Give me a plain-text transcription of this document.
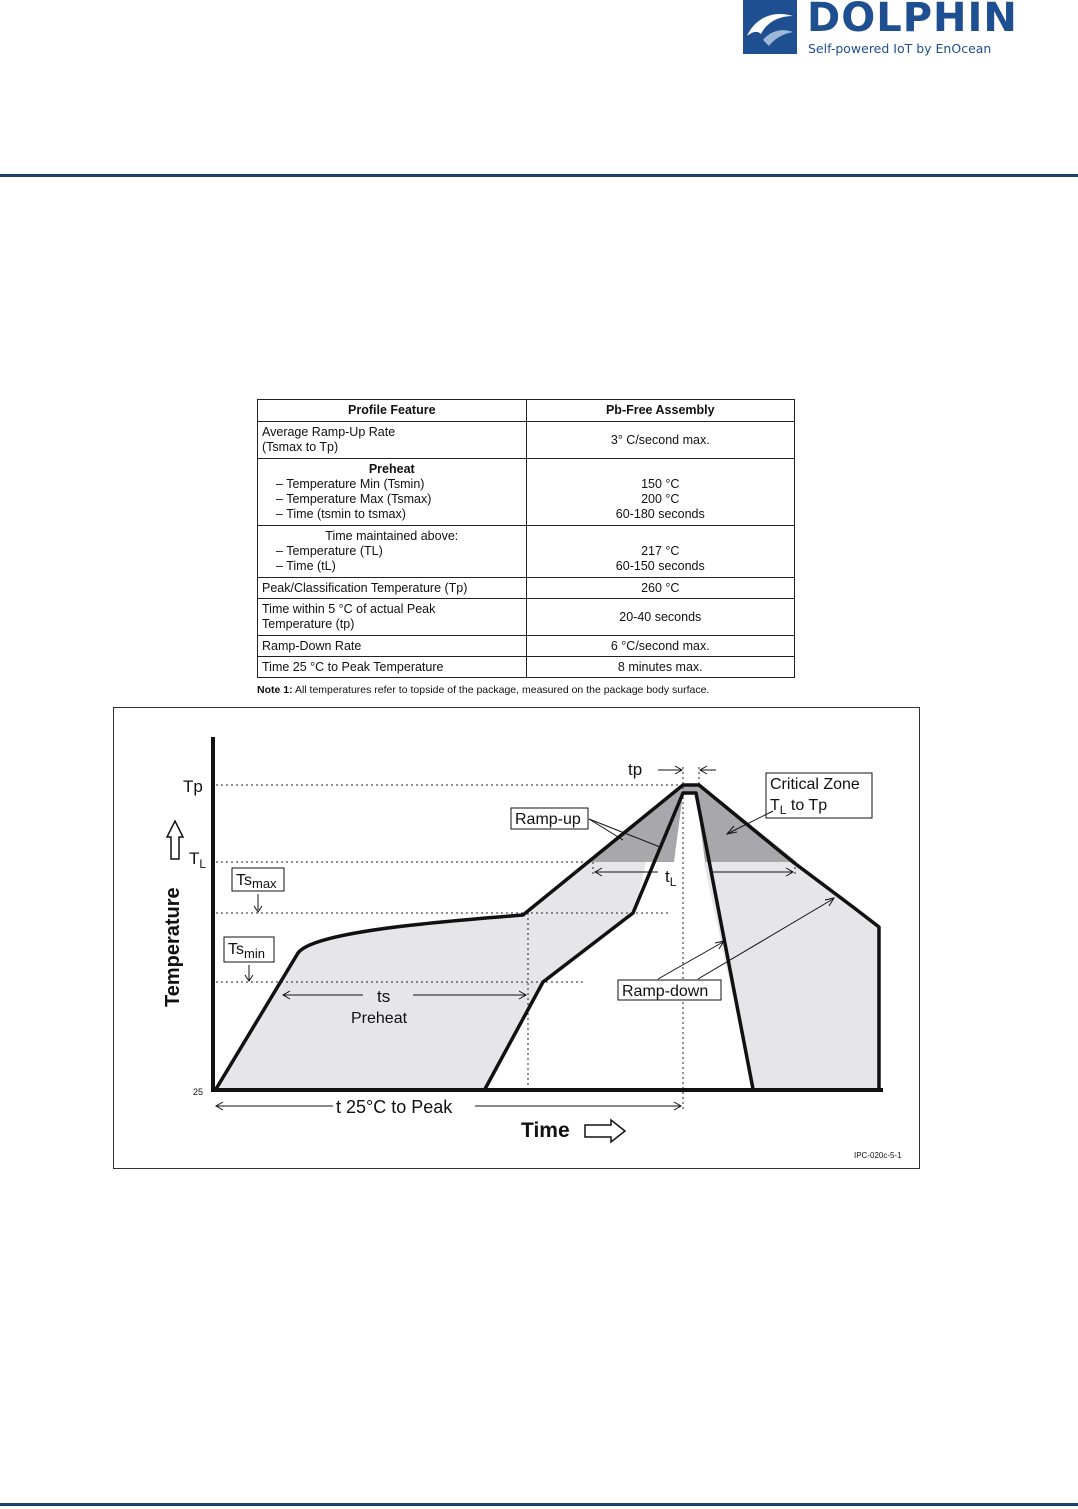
DOLPHIN
Self-powered IoT by EnOcean
Profile Feature	Pb-Free Assembly
Average Ramp-Up Rate
(Tsmax to Tp)	3° C/second max.

Preheat
– Temperature Min (Tsmin)
– Temperature Max (Tsmax)
– Time (tsmin to tsmax)	150 °C
200 °C
60-180 seconds

Time maintained above:
– Temperature (TL)
– Time (tL)	217 °C
60-150 seconds

Peak/Classification Temperature (Tp)	260 °C
Time within 5 °C of actual Peak
Temperature (tp)	20-40 seconds
Ramp-Down Rate	6 °C/second max.
Time 25 °C to Peak Temperature	8 minutes max.
Note 1: All temperatures refer to topside of the package, measured on the package body surface.
Tp
$T_L$
25
Tsmax
$Ts_{min}$
Temperature
tp
Critical Zone
$T_L$ to Tp
Ramp-up
$t_L$
ts
Preheat
Ramp-down
t 25°C to Peak
Time
IPC-020c-5-1
